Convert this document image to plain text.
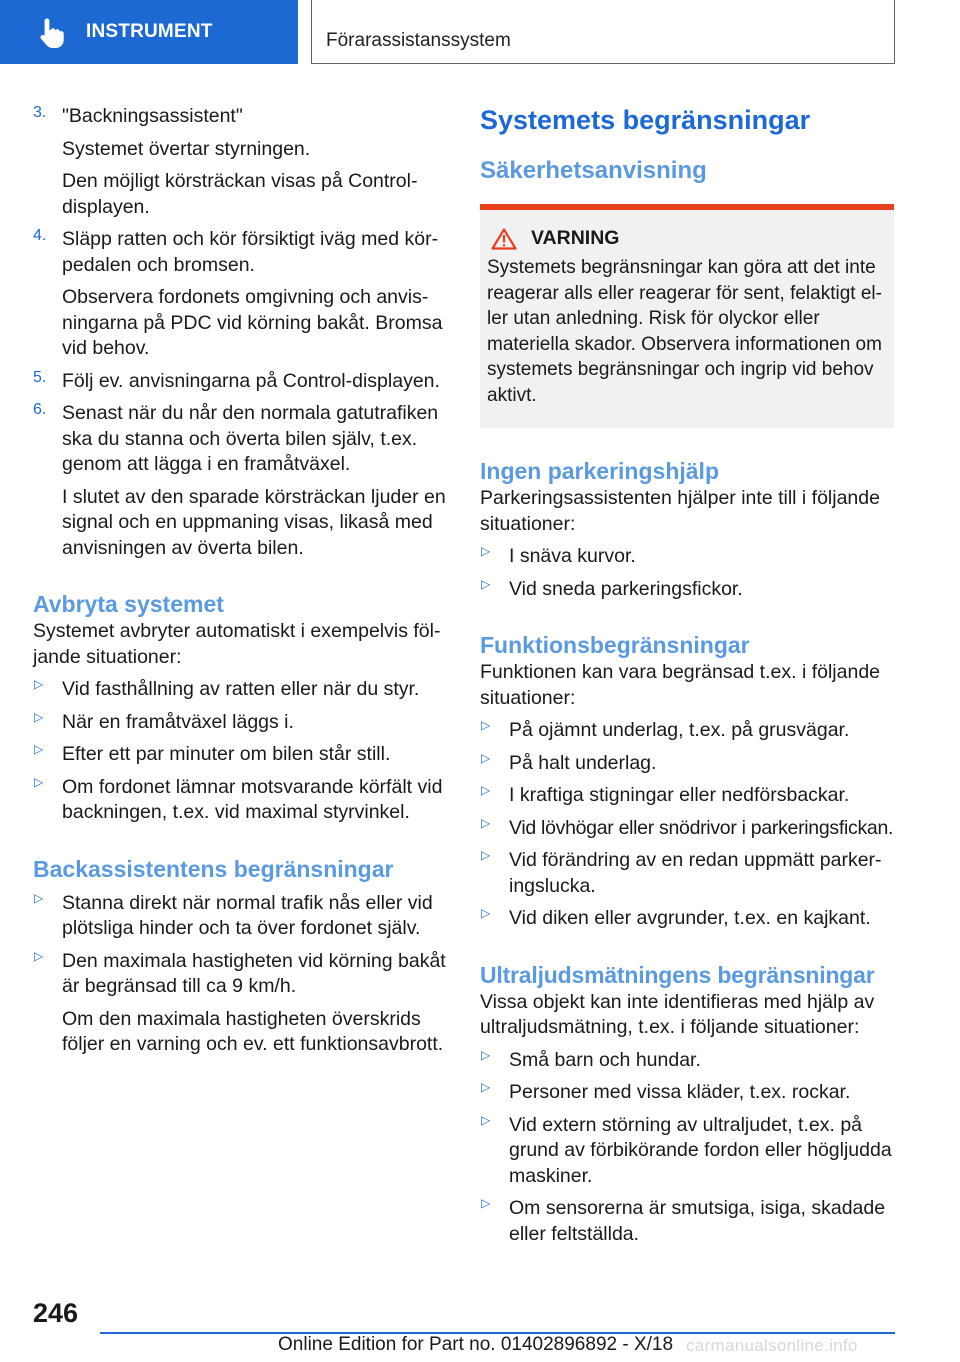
INSTRUMENT	Förarassistanssystem
3. "Backningsassistent"

Systemet övertar styrningen.

Den möjligt körsträckan visas på Control-displayen.

4. Släpp ratten och kör försiktigt iväg med körpedalen och bromsen.

Observera fordonets omgivning och anvisningarna på PDC vid körning bakåt. Bromsa vid behov.

5. Följ ev. anvisningarna på Control-displayen.

6. Senast när du når den normala gatutrafiken ska du stanna och överta bilen själv, t.ex. genom att lägga i en framåtväxel.

I slutet av den sparade körsträckan ljuder en signal och en uppmaning visas, likaså med anvisningen av överta bilen.

Avbryta systemet

Systemet avbryter automatiskt i exempelvis följande situationer:

▷ Vid fasthållning av ratten eller när du styr.

▷ När en framåtväxel läggs i.

▷ Efter ett par minuter om bilen står still.

▷ Om fordonet lämnar motsvarande körfält vid backningen, t.ex. vid maximal styrvinkel.

Backassistentens begränsningar
▷ Stanna direkt när normal trafik nås eller vid plötsliga hinder och ta över fordonet själv.

▷ Den maximala hastigheten vid körning bakåt är begränsad till ca 9 km/h.

Om den maximala hastigheten överskrids följer en varning och ev. ett funktionsavbrott.

Systemets begränsningar
Säkerhetsanvisning
VARNING

Systemets begränsningar kan göra att det inte reagerar alls eller reagerar för sent, felaktigt eller utan anledning. Risk för olyckor eller materiella skador. Observera informationen om systemets begränsningar och ingrip vid behov aktivt.

Ingen parkeringshjälp

Parkeringsassistenten hjälper inte till i följande situationer:

▷ I snäva kurvor.

▷ Vid sneda parkeringsfickor.

Funktionsbegränsningar

Funktionen kan vara begränsad t.ex. i följande situationer:

▷ På ojämnt underlag, t.ex. på grusvägar.

▷ På halt underlag.

▷ I kraftiga stigningar eller nedförsbackar.

▷ Vid lövhögar eller snödrivor i parkeringsfickan.

▷ Vid förändring av en redan uppmätt parkeringslucka.

▷ Vid diken eller avgrunder, t.ex. en kajkant.

Ultraljudsmätningens begränsningar

Vissa objekt kan inte identifieras med hjälp av ultraljudsmätning, t.ex. i följande situationer:

▷ Små barn och hundar.

▷ Personer med vissa kläder, t.ex. rockar.

▷ Vid extern störning av ultraljudet, t.ex. på grund av förbikörande fordon eller högljudda maskiner.

▷ Om sensorerna är smutsiga, isiga, skadade eller feltställda.

246
Online Edition for Part no. 01402896892 - X/18 carmanualsonline.info
